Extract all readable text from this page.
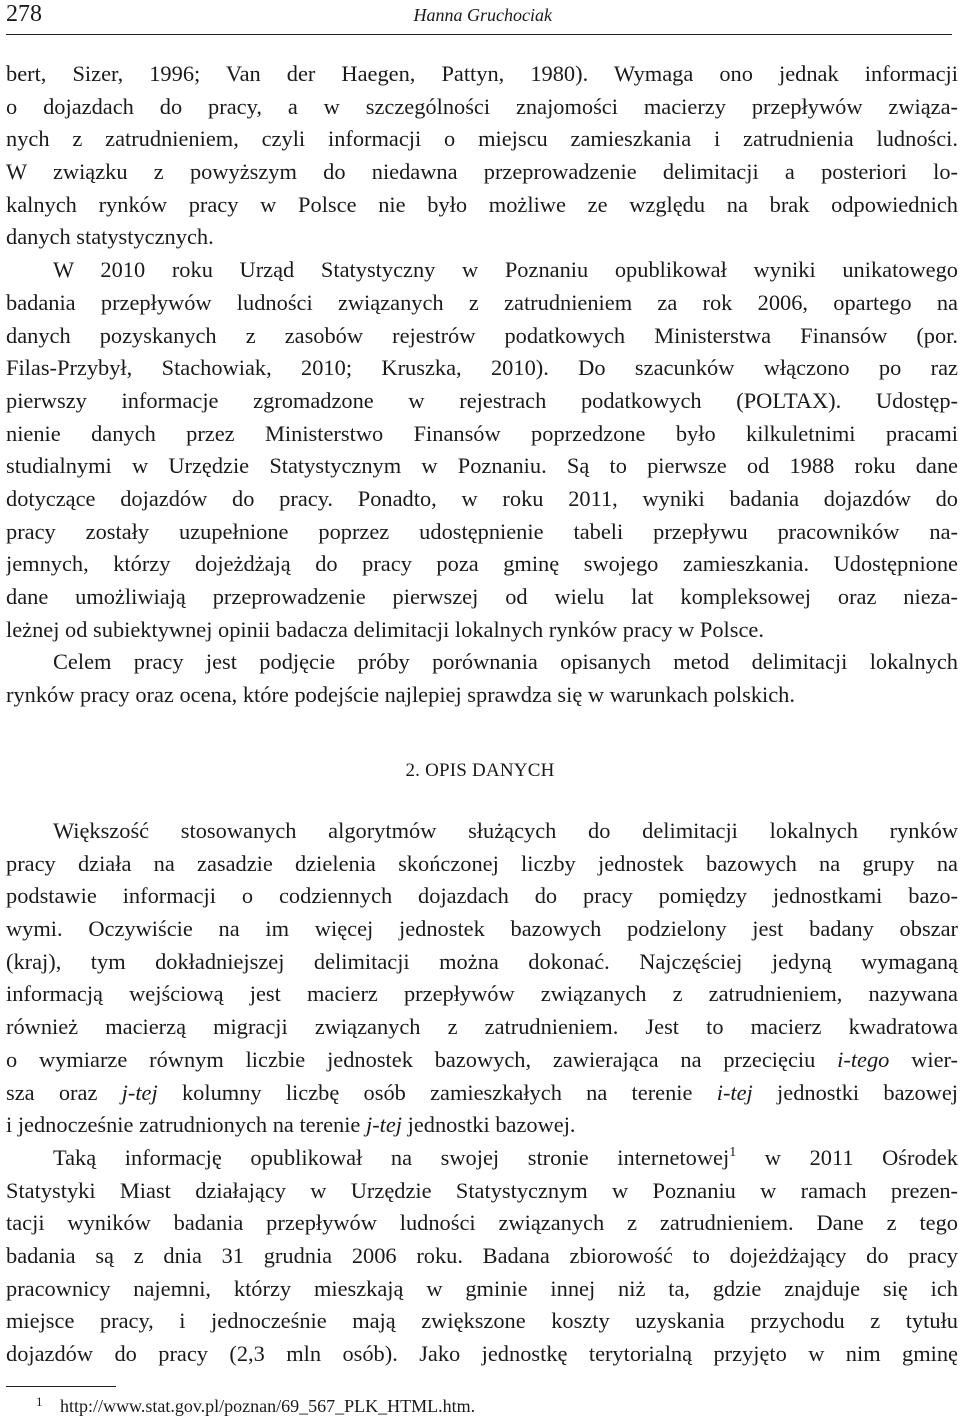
278	Hanna Gruchociak
bert, Sizer, 1996; Van der Haegen, Pattyn, 1980). Wymaga ono jednak informacji
o dojazdach do pracy, a w szczególności znajomości macierzy przepływów związa-
nych z zatrudnieniem, czyli informacji o miejscu zamieszkania i zatrudnienia ludności.
W związku z powyższym do niedawna przeprowadzenie delimitacji a posteriori lo-
kalnych rynków pracy w Polsce nie było możliwe ze względu na brak odpowiednich
danych statystycznych.
W 2010 roku Urząd Statystyczny w Poznaniu opublikował wyniki unikatowego
badania przepływów ludności związanych z zatrudnieniem za rok 2006, opartego na
danych pozyskanych z zasobów rejestrów podatkowych Ministerstwa Finansów (por.
Filas-Przybył, Stachowiak, 2010; Kruszka, 2010). Do szacunków włączono po raz
pierwszy informacje zgromadzone w rejestrach podatkowych (POLTAX). Udostęp-
nienie danych przez Ministerstwo Finansów poprzedzone było kilkuletnimi pracami
studialnymi w Urzędzie Statystycznym w Poznaniu. Są to pierwsze od 1988 roku dane
dotyczące dojazdów do pracy. Ponadto, w roku 2011, wyniki badania dojazdów do
pracy zostały uzupełnione poprzez udostępnienie tabeli przepływu pracowników na-
jemnych, którzy dojeżdżają do pracy poza gminę swojego zamieszkania. Udostępnione
dane umożliwiają przeprowadzenie pierwszej od wielu lat kompleksowej oraz nieza-
leżnej od subiektywnej opinii badacza delimitacji lokalnych rynków pracy w Polsce.
Celem pracy jest podjęcie próby porównania opisanych metod delimitacji lokalnych
rynków pracy oraz ocena, które podejście najlepiej sprawdza się w warunkach polskich.
2. OPIS DANYCH
Większość stosowanych algorytmów służących do delimitacji lokalnych rynków
pracy działa na zasadzie dzielenia skończonej liczby jednostek bazowych na grupy na
podstawie informacji o codziennych dojazdach do pracy pomiędzy jednostkami bazo-
wymi. Oczywiście na im więcej jednostek bazowych podzielony jest badany obszar
(kraj), tym dokładniejszej delimitacji można dokonać. Najczęściej jedyną wymaganą
informacją wejściową jest macierz przepływów związanych z zatrudnieniem, nazywana
również macierzą migracji związanych z zatrudnieniem. Jest to macierz kwadratowa
o wymiarze równym liczbie jednostek bazowych, zawierająca na przecięciu i-tego wier-
sza oraz j-tej kolumny liczbę osób zamieszkałych na terenie i-tej jednostki bazowej
i jednocześnie zatrudnionych na terenie j-tej jednostki bazowej.
Taką informację opublikował na swojej stronie internetowej$^1$ w 2011 Ośrodek
Statystyki Miast działający w Urzędzie Statystycznym w Poznaniu w ramach prezen-
tacji wyników badania przepływów ludności związanych z zatrudnieniem. Dane z tego
badania są z dnia 31 grudnia 2006 roku. Badana zbiorowość to dojeżdżający do pracy
pracownicy najemni, którzy mieszkają w gminie innej niż ta, gdzie znajduje się ich
miejsce pracy, i jednocześnie mają zwiększone koszty uzyskania przychodu z tytułu
dojazdów do pracy (2,3 mln osób). Jako jednostkę terytorialną przyjęto w nim gminę
1 http://www.stat.gov.pl/poznan/69_567_PLK_HTML.htm.
